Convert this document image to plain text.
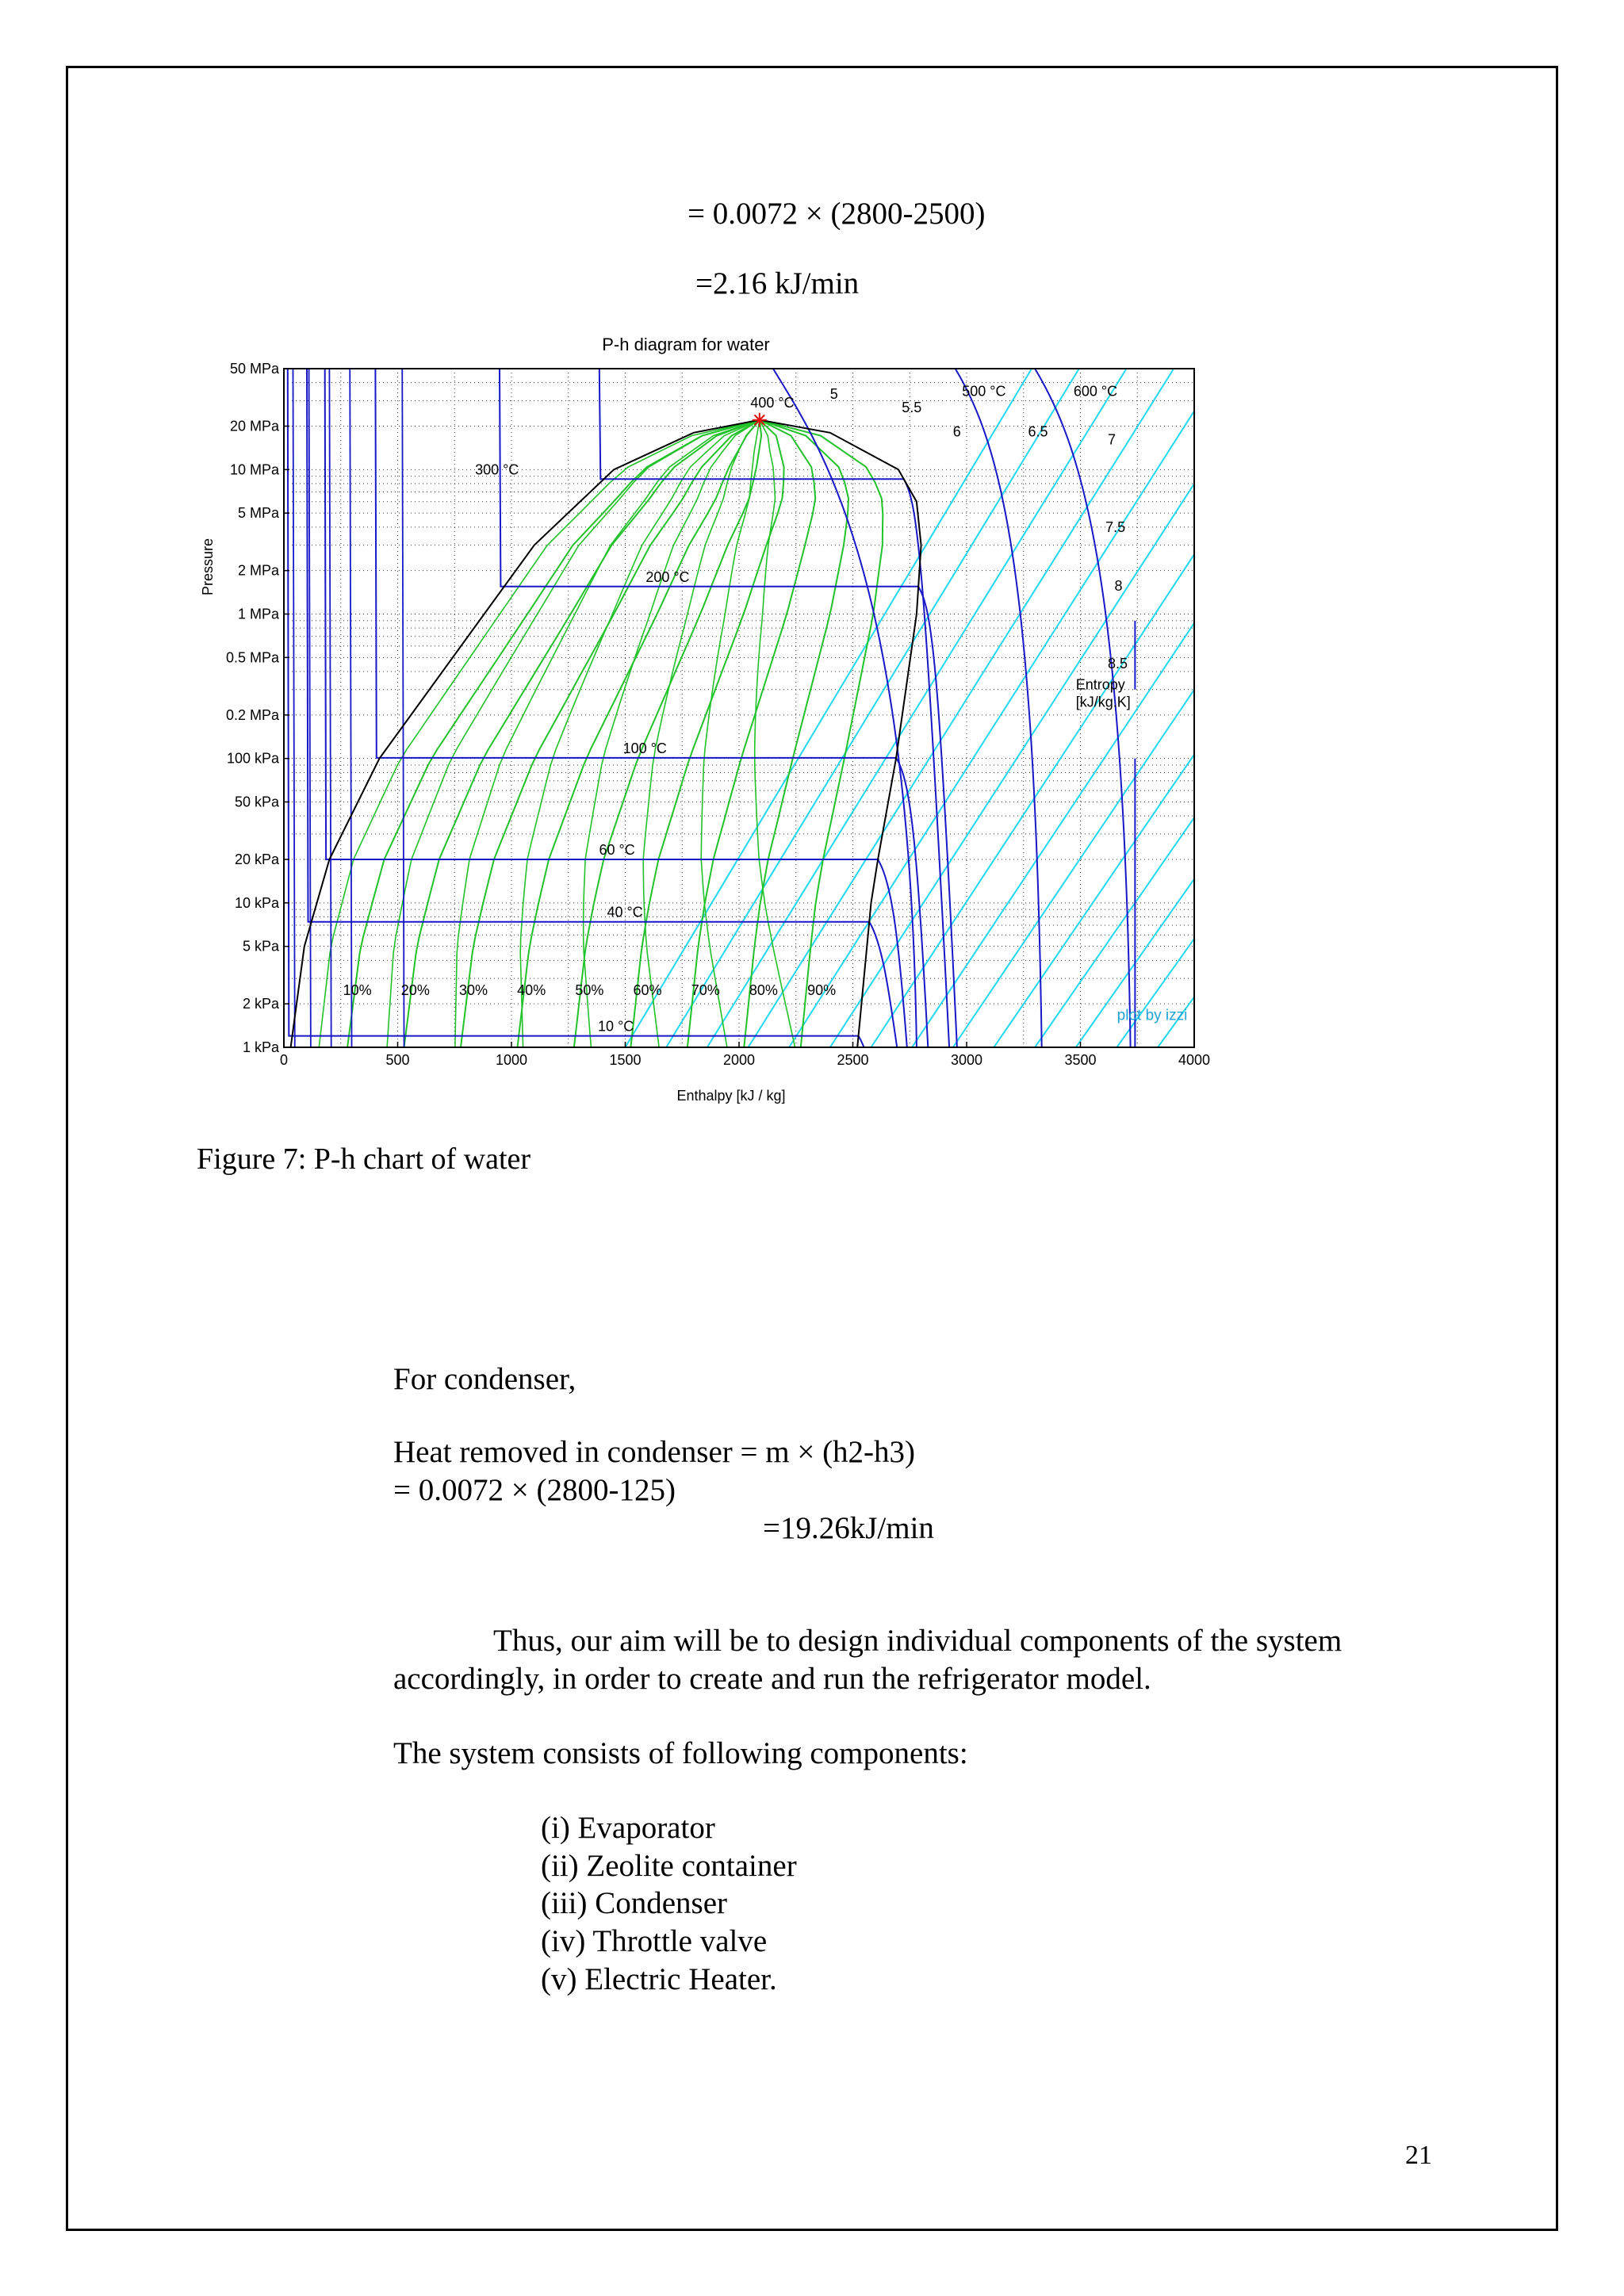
= 0.0072 × (2800-2500)
=2.16 kJ/min
P-h diagram for water
10 °C
40 °C
60 °C
100 °C
200 °C
300 °C
400 °C
500 °C	600 °C
10% 20% 30% 40% 50% 60% 70% 80% 90%
5
5.5
6	6.5	7
7.5
8
8.5
Entropy
[kJ/kg.K]
plot by izzi
0	500	1000	1500	2000	2500	3000	3500	4000
1 kPa
2 kPa
5 kPa
10 kPa
20 kPa
50 kPa
100 kPa
0.2 MPa
0.5 MPa
1 MPa
2 MPa
5 MPa
10 MPa
20 MPa
50 MPa
Enthalpy [kJ / kg]
Pressure
Figure 7: P-h chart of water
For condenser,
Heat removed in condenser = m × (h2-h3)
= 0.0072 × (2800-125)
=19.26kJ/min
Thus, our aim will be to design individual components of the system
accordingly, in order to create and run the refrigerator model.
The system consists of following components:
(i) Evaporator
(ii) Zeolite container
(iii) Condenser
(iv) Throttle valve
(v) Electric Heater.
21
